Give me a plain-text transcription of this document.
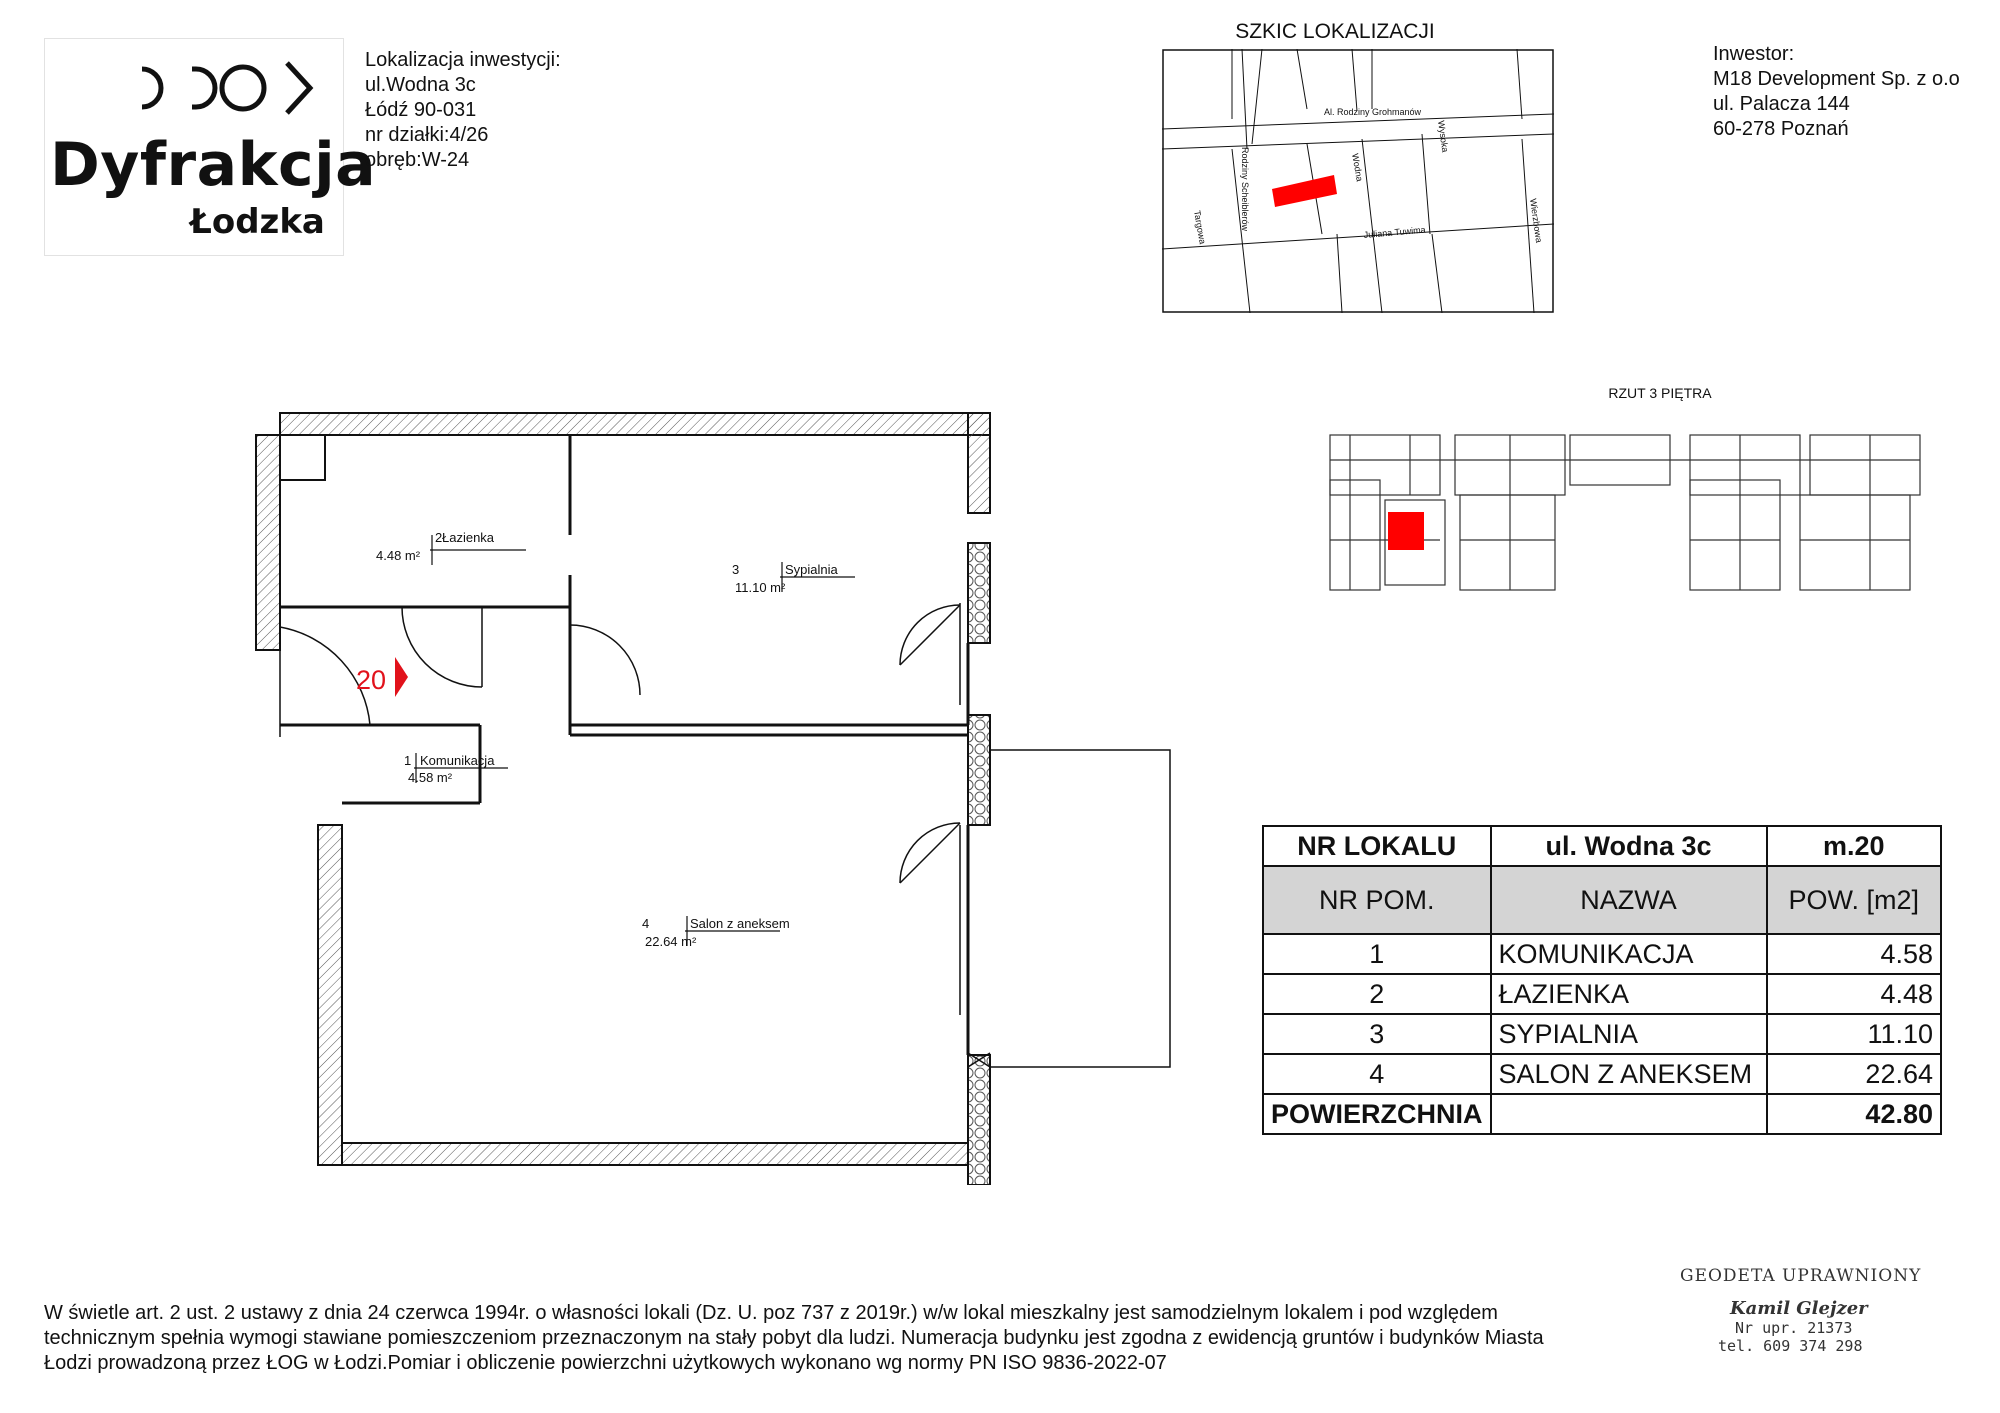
Dyfrakcja
Łodzka
Lokalizacja inwestycji:
ul.Wodna 3c
Łódź 90-031
nr działki:4/26
obręb:W-24
Inwestor:
M18 Development Sp. z o.o
ul. Palacza 144
60-278 Poznań
SZKIC LOKALIZACJI
Al. Rodziny Grohmanów
Rodziny Scheiblerów	Wodna
Wysoka
Targowa	Juliana Tuwima	Wierzbowa
RZUT 3 PIĘTRA
20
2 Łazienka
4.48 m²
3	Sypialnia
11.10 m²
1 Komunikacja
4.58 m²
4	Salon z aneksem
22.64 m²
NR LOKALU	ul. Wodna 3c	m.20
NR POM.	NAZWA	POW. [m2]
1	KOMUNIKACJA	4.58
2	ŁAZIENKA	4.48
3	SYPIALNIA	11.10
4	SALON Z ANEKSEM	22.64
POWIERZCHNIA		42.80
W świetle art. 2 ust. 2 ustawy z dnia 24 czerwca 1994r. o własności lokali (Dz. U. poz 737 z 2019r.) w/w lokal mieszkalny jest samodzielnym lokalem i pod względem
technicznym spełnia wymogi stawiane pomieszczeniom przeznaczonym na stały pobyt dla ludzi. Numeracja budynku jest zgodna z ewidencją gruntów i budynków Miasta
Łodzi prowadzoną przez ŁOG w Łodzi.Pomiar i obliczenie powierzchni użytkowych wykonano wg normy PN ISO 9836-2022-07
GEODETA UPRAWNIONY
Kamil Glejzer
Nr upr. 21373
tel. 609 374 298
